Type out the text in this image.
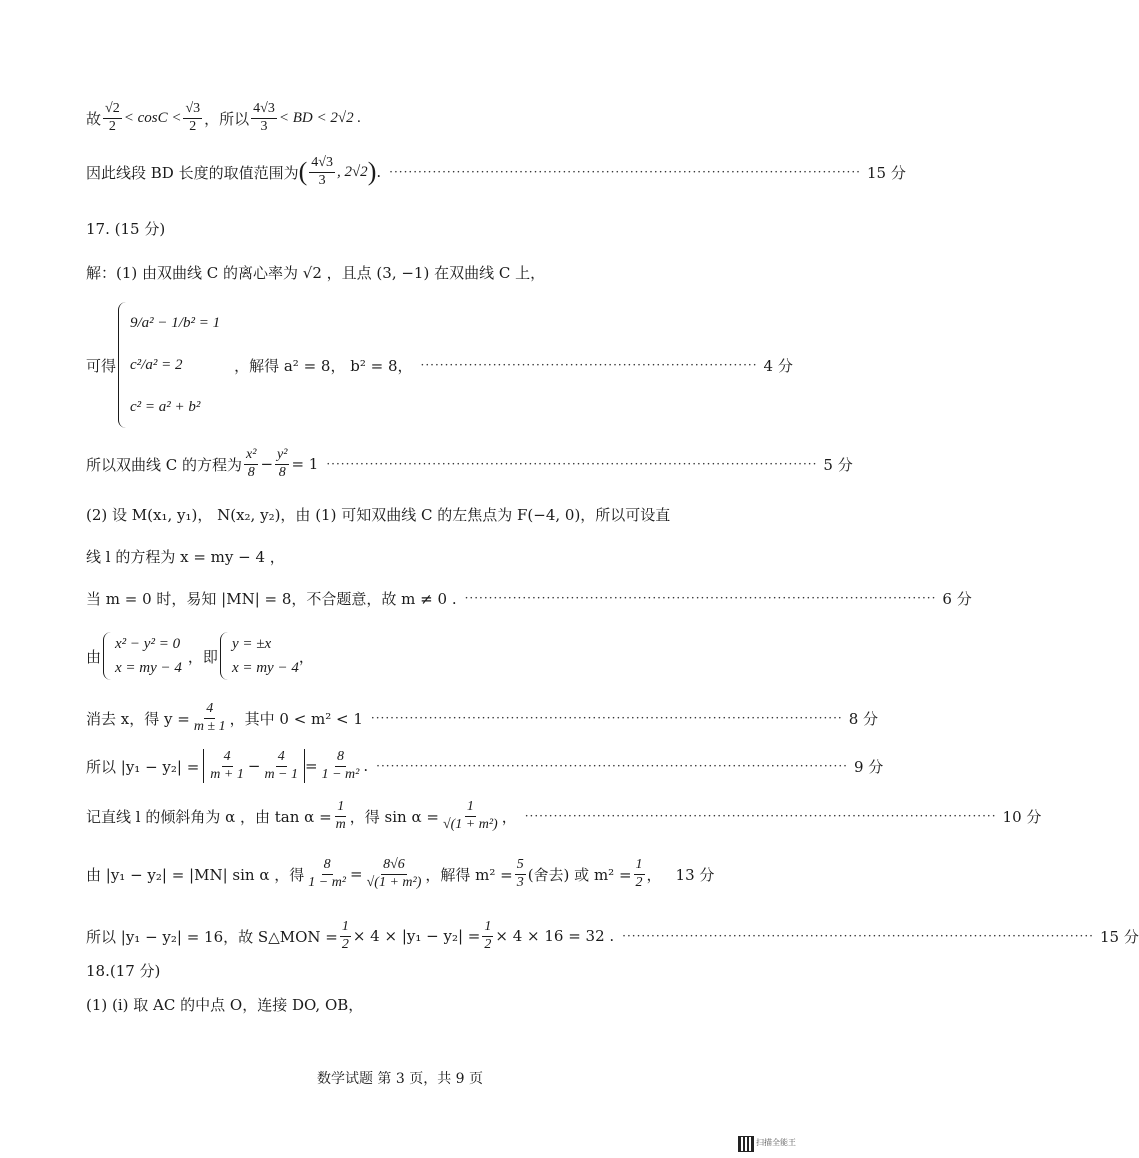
故 $\frac{√2}{2} < \cos C < \frac{√3}{2}$ ，所以 $\frac{4√3}{3}$ < BD < 2√2 .
因此线段 BD 长度的取值范围为 ( $\frac{4√3}{3}$ , 2√2 ) . ·································································································· 15 分
17. (15 分)
解：(1) 由双曲线 C 的离心率为 √2 ，且点 (3, −1) 在双曲线 C 上，
可得
9/a² − 1/b² = 1
c²/a² = 2
c² = a² + b²
，解得 a² = 8， b² = 8， ······································································ 4 分
所以双曲线 C 的方程为 $\frac{\text{x²}}{8} - \frac{\text{y²}}{8} = 1$ ······································································································ 5 分
(2) 设 M(x₁, y₁)， N(x₂, y₂)，由 (1) 可知双曲线 C 的左焦点为 F(−4, 0)，所以可设直
线 l 的方程为 x = my − 4 ，
当 m = 0 时，易知 |MN| = 8，不合题意，故 m ≠ 0 . ·································································································· 6 分
由
x² − y² = 0
x = my − 4
，即
y = ±x
x = my − 4
，
消去 x，得 $y = \frac{4}{m \pm 1}$ ，其中 0 < m² < 1 ·································································································· 8 分
所以 $|y_1 - y_2| = \frac{4}{m + 1} - \frac{4}{m - 1} = \frac{8}{\text{1 − m²}}$ . ·································································································· 9 分
记直线 l 的倾斜角为 α ，由 $\tan \alpha = \frac{1}{m}$ ，得 $\sin \alpha = \frac{1}{\text{√(1 + m²)}}$ ， ·································································································· 10 分
由 |y₁ − y₂| = |MN| sin α ，得 $\frac{8}{\text{1 − m²}} = \frac{8√6}{\text{√(1 + m²)}}$ ，解得 $m^2 = \frac{5}{3}$ (舍去) 或 $m^2 = \frac{1}{2}$ ， 13 分
所以 |y₁ − y₂| = 16，故 S△MON = $\frac{1}{2} \times 4 \times |y_1 - y_2| = \frac{1}{2} \times 4 \times 16 = 32$ . ·································································································· 15 分
18.(17 分)
(1) (i) 取 AC 的中点 O，连接 DO, OB，
数学试题 第 3 页，共 9 页
扫描全能王
